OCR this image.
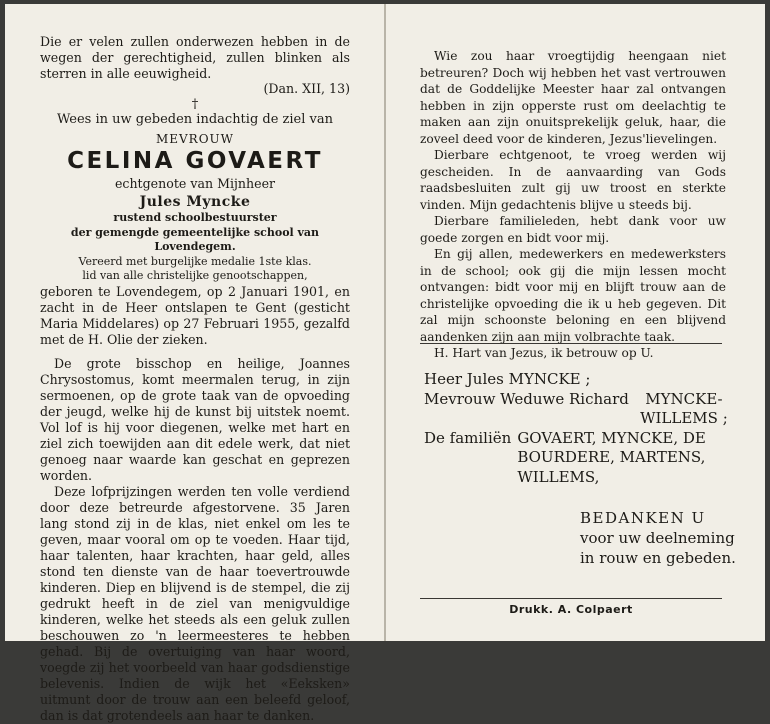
Die er velen zullen onderwezen hebben in de wegen der gerechtigheid, zullen blinken als sterren in alle eeuwigheid.

(Dan. XII, 13)

†

Wees in uw gebeden indachtig de ziel van

MEVROUW

CELINA GOVAERT

echtgenote van Mijnheer

Jules Myncke

rustend schoolbestuurster

der gemengde gemeentelijke school van Lovendegem.

Vereerd met burgelijke medalie 1ste klas.

lid van alle christelijke genootschappen,

geboren te Lovendegem, op 2 Januari 1901, en zacht in de Heer ontslapen te Gent (gesticht Maria Middelares) op 27 Februari 1955, gezalfd met de H. Olie der zieken.

De grote bisschop en heilige, Joannes Chrysostomus, komt meermalen terug, in zijn sermoenen, op de grote taak van de opvoeding der jeugd, welke hij de kunst bij uitstek noemt. Vol lof is hij voor diegenen, welke met hart en ziel zich toewijden aan dit edele werk, dat niet genoeg naar waarde kan geschat en geprezen worden.

Deze lofprijzingen werden ten volle verdiend door deze betreurde afgestorvene. 35 Jaren lang stond zij in de klas, niet enkel om les te geven, maar vooral om op te voeden. Haar tijd, haar talenten, haar krachten, haar geld, alles stond ten dienste van de haar toevertrouwde kinderen. Diep en blijvend is de stempel, die zij gedrukt heeft in de ziel van menigvuldige kinderen, welke het steeds als een geluk zullen beschouwen zo 'n leermeesteres te hebben gehad. Bij de overtuiging van haar woord, voegde zij het voorbeeld van haar godsdienstige belevenis. Indien de wijk het «Eeksken» uitmunt door de trouw aan een beleefd geloof, dan is dat grotendeels aan haar te danken.

Wie zou haar vroegtijdig heengaan niet betreuren? Doch wij hebben het vast vertrouwen dat de Goddelijke Meester haar zal ontvangen hebben in zijn opperste rust om deelachtig te maken aan zijn onuitsprekelijk geluk, haar, die zoveel deed voor de kinderen, Jezus'lievelingen.

Dierbare echtgenoot, te vroeg werden wij gescheiden. In de aanvaarding van Gods raadsbesluiten zult gij uw troost en sterkte vinden. Mijn gedachtenis blijve u steeds bij.

Dierbare familieleden, hebt dank voor uw goede zorgen en bidt voor mij.

En gij allen, medewerkers en medewerksters in de school; ook gij die mijn lessen mocht ontvangen: bidt voor mij en blijft trouw aan de christelijke opvoeding die ik u heb gegeven. Dit zal mijn schoonste beloning en een blijvend aandenken zijn aan mijn volbrachte taak.

H. Hart van Jezus, ik betrouw op U.

Heer Jules MYNCKE ;

Mevrouw Weduwe Richard	MYNCKE-WILLEMS ;
De familiën GOVAERT, MYNCKE, DE BOURDERE, MARTENS, WILLEMS,

BEDANKEN U

voor uw deelneming

in rouw en gebeden.

Drukk. A. Colpaert
